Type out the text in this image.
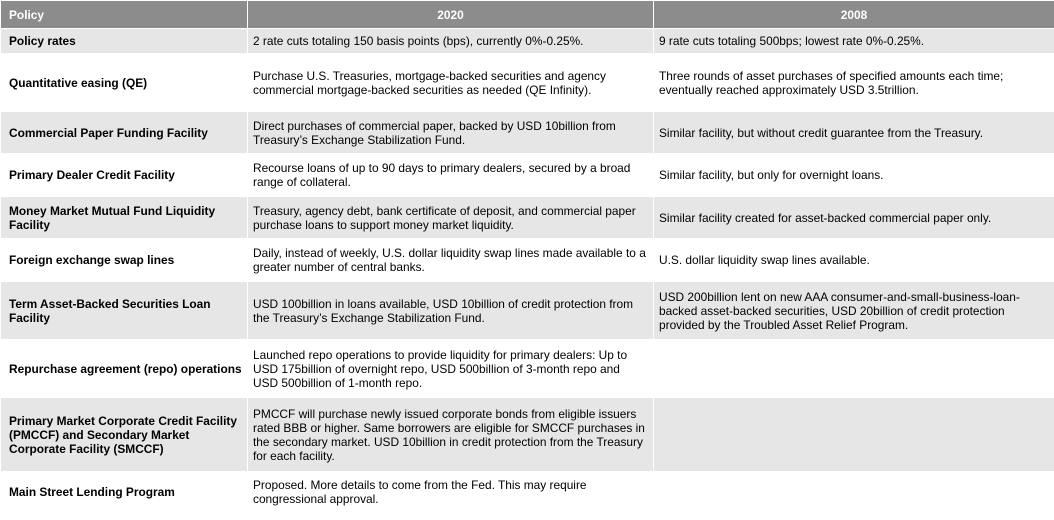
Policy	2020	2008
Policy rates	2 rate cuts totaling 150 basis points (bps), currently 0%-0.25%.	9 rate cuts totaling 500bps; lowest rate 0%-0.25%.
Quantitative easing (QE)	Purchase U.S. Treasuries, mortgage-backed securities and agency commercial mortgage-backed securities as needed (QE Infinity).	Three rounds of asset purchases of specified amounts each time; eventually reached approximately USD 3.5trillion.
Commercial Paper Funding Facility	Direct purchases of commercial paper, backed by USD 10billion from Treasury’s Exchange Stabilization Fund.	Similar facility, but without credit guarantee from the Treasury.
Primary Dealer Credit Facility	Recourse loans of up to 90 days to primary dealers, secured by a broad range of collateral.	Similar facility, but only for overnight loans.
Money Market Mutual Fund Liquidity Facility	Treasury, agency debt, bank certificate of deposit, and commercial paper purchase loans to support money market liquidity.	Similar facility created for asset-backed commercial paper only.
Foreign exchange swap lines	Daily, instead of weekly, U.S. dollar liquidity swap lines made available to a greater number of central banks.	U.S. dollar liquidity swap lines available.
Term Asset-Backed Securities Loan Facility	USD 100billion in loans available, USD 10billion of credit protection from the Treasury’s Exchange Stabilization Fund.	USD 200billion lent on new AAA consumer-and-small-business-loan-backed asset-backed securities, USD 20billion of credit protection provided by the Troubled Asset Relief Program.
Repurchase agreement (repo) operations	Launched repo operations to provide liquidity for primary dealers: Up to USD 175billion of overnight repo, USD 500billion of 3-month repo and USD 500billion of 1-month repo.	
Primary Market Corporate Credit Facility (PMCCF) and Secondary Market Corporate Facility (SMCCF)	PMCCF will purchase newly issued corporate bonds from eligible issuers rated BBB or higher. Same borrowers are eligible for SMCCF purchases in the secondary market. USD 10billion in credit protection from the Treasury for each facility.	
Main Street Lending Program	Proposed. More details to come from the Fed. This may require congressional approval.	
